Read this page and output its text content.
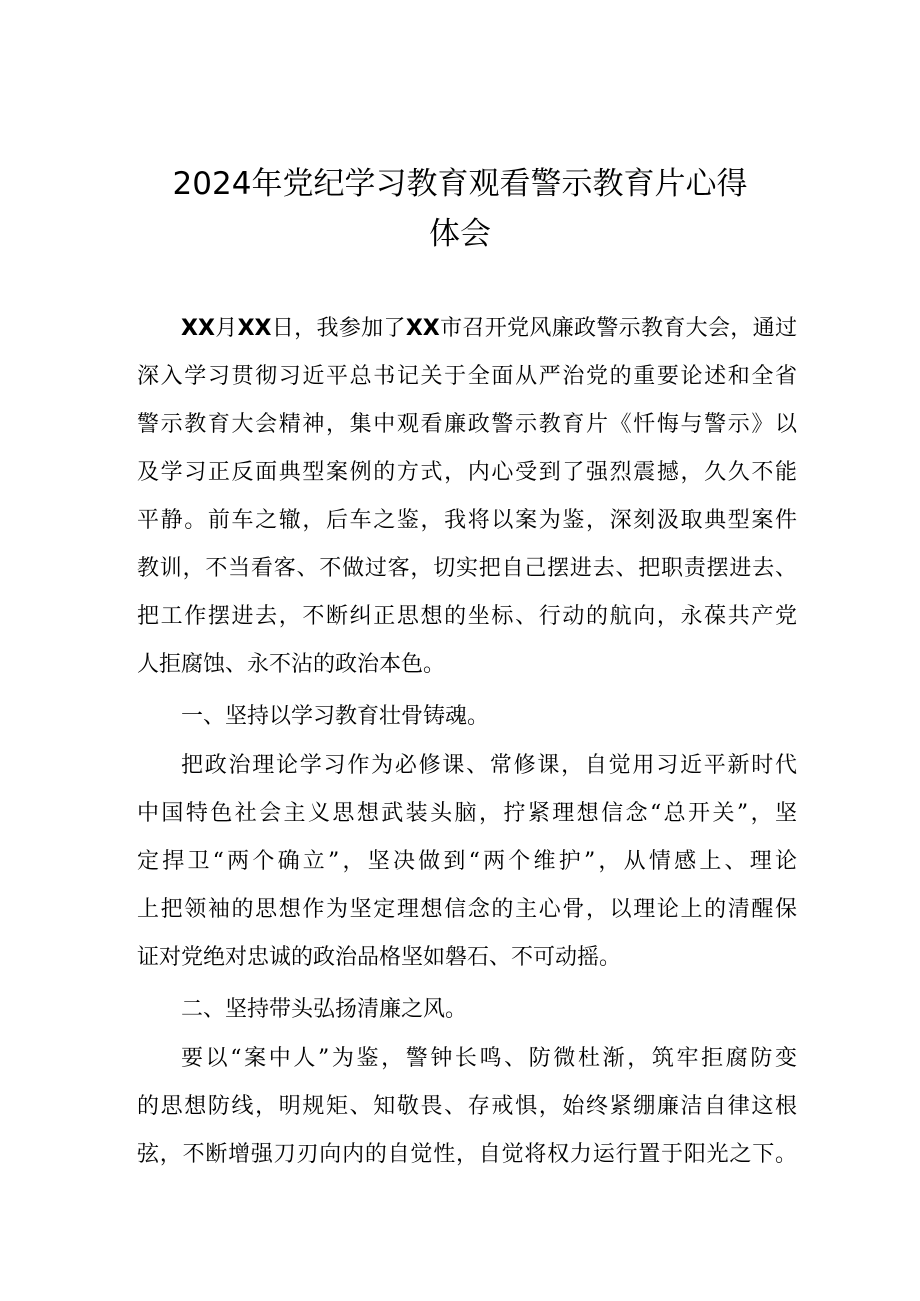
2024年党纪学习教育观看警示教育片心得
体会
XX月XX日，我参加了XX市召开党风廉政警示教育大会，通过
深入学习贯彻习近平总书记关于全面从严治党的重要论述和全省
警示教育大会精神，集中观看廉政警示教育片《忏悔与警示》以
及学习正反面典型案例的方式，内心受到了强烈震撼，久久不能
平静。前车之辙，后车之鉴，我将以案为鉴，深刻汲取典型案件
教训，不当看客、不做过客，切实把自己摆进去、把职责摆进去、
把工作摆进去，不断纠正思想的坐标、行动的航向，永葆共产党
人拒腐蚀、永不沾的政治本色。
一、坚持以学习教育壮骨铸魂。
把政治理论学习作为必修课、常修课，自觉用习近平新时代
中国特色社会主义思想武装头脑，拧紧理想信念“总开关”，坚
定捍卫“两个确立”，坚决做到“两个维护”，从情感上、理论
上把领袖的思想作为坚定理想信念的主心骨，以理论上的清醒保
证对党绝对忠诚的政治品格坚如磐石、不可动摇。
二、坚持带头弘扬清廉之风。
要以“案中人”为鉴，警钟长鸣、防微杜渐，筑牢拒腐防变
的思想防线，明规矩、知敬畏、存戒惧，始终紧绷廉洁自律这根
弦，不断增强刀刃向内的自觉性，自觉将权力运行置于阳光之下。
